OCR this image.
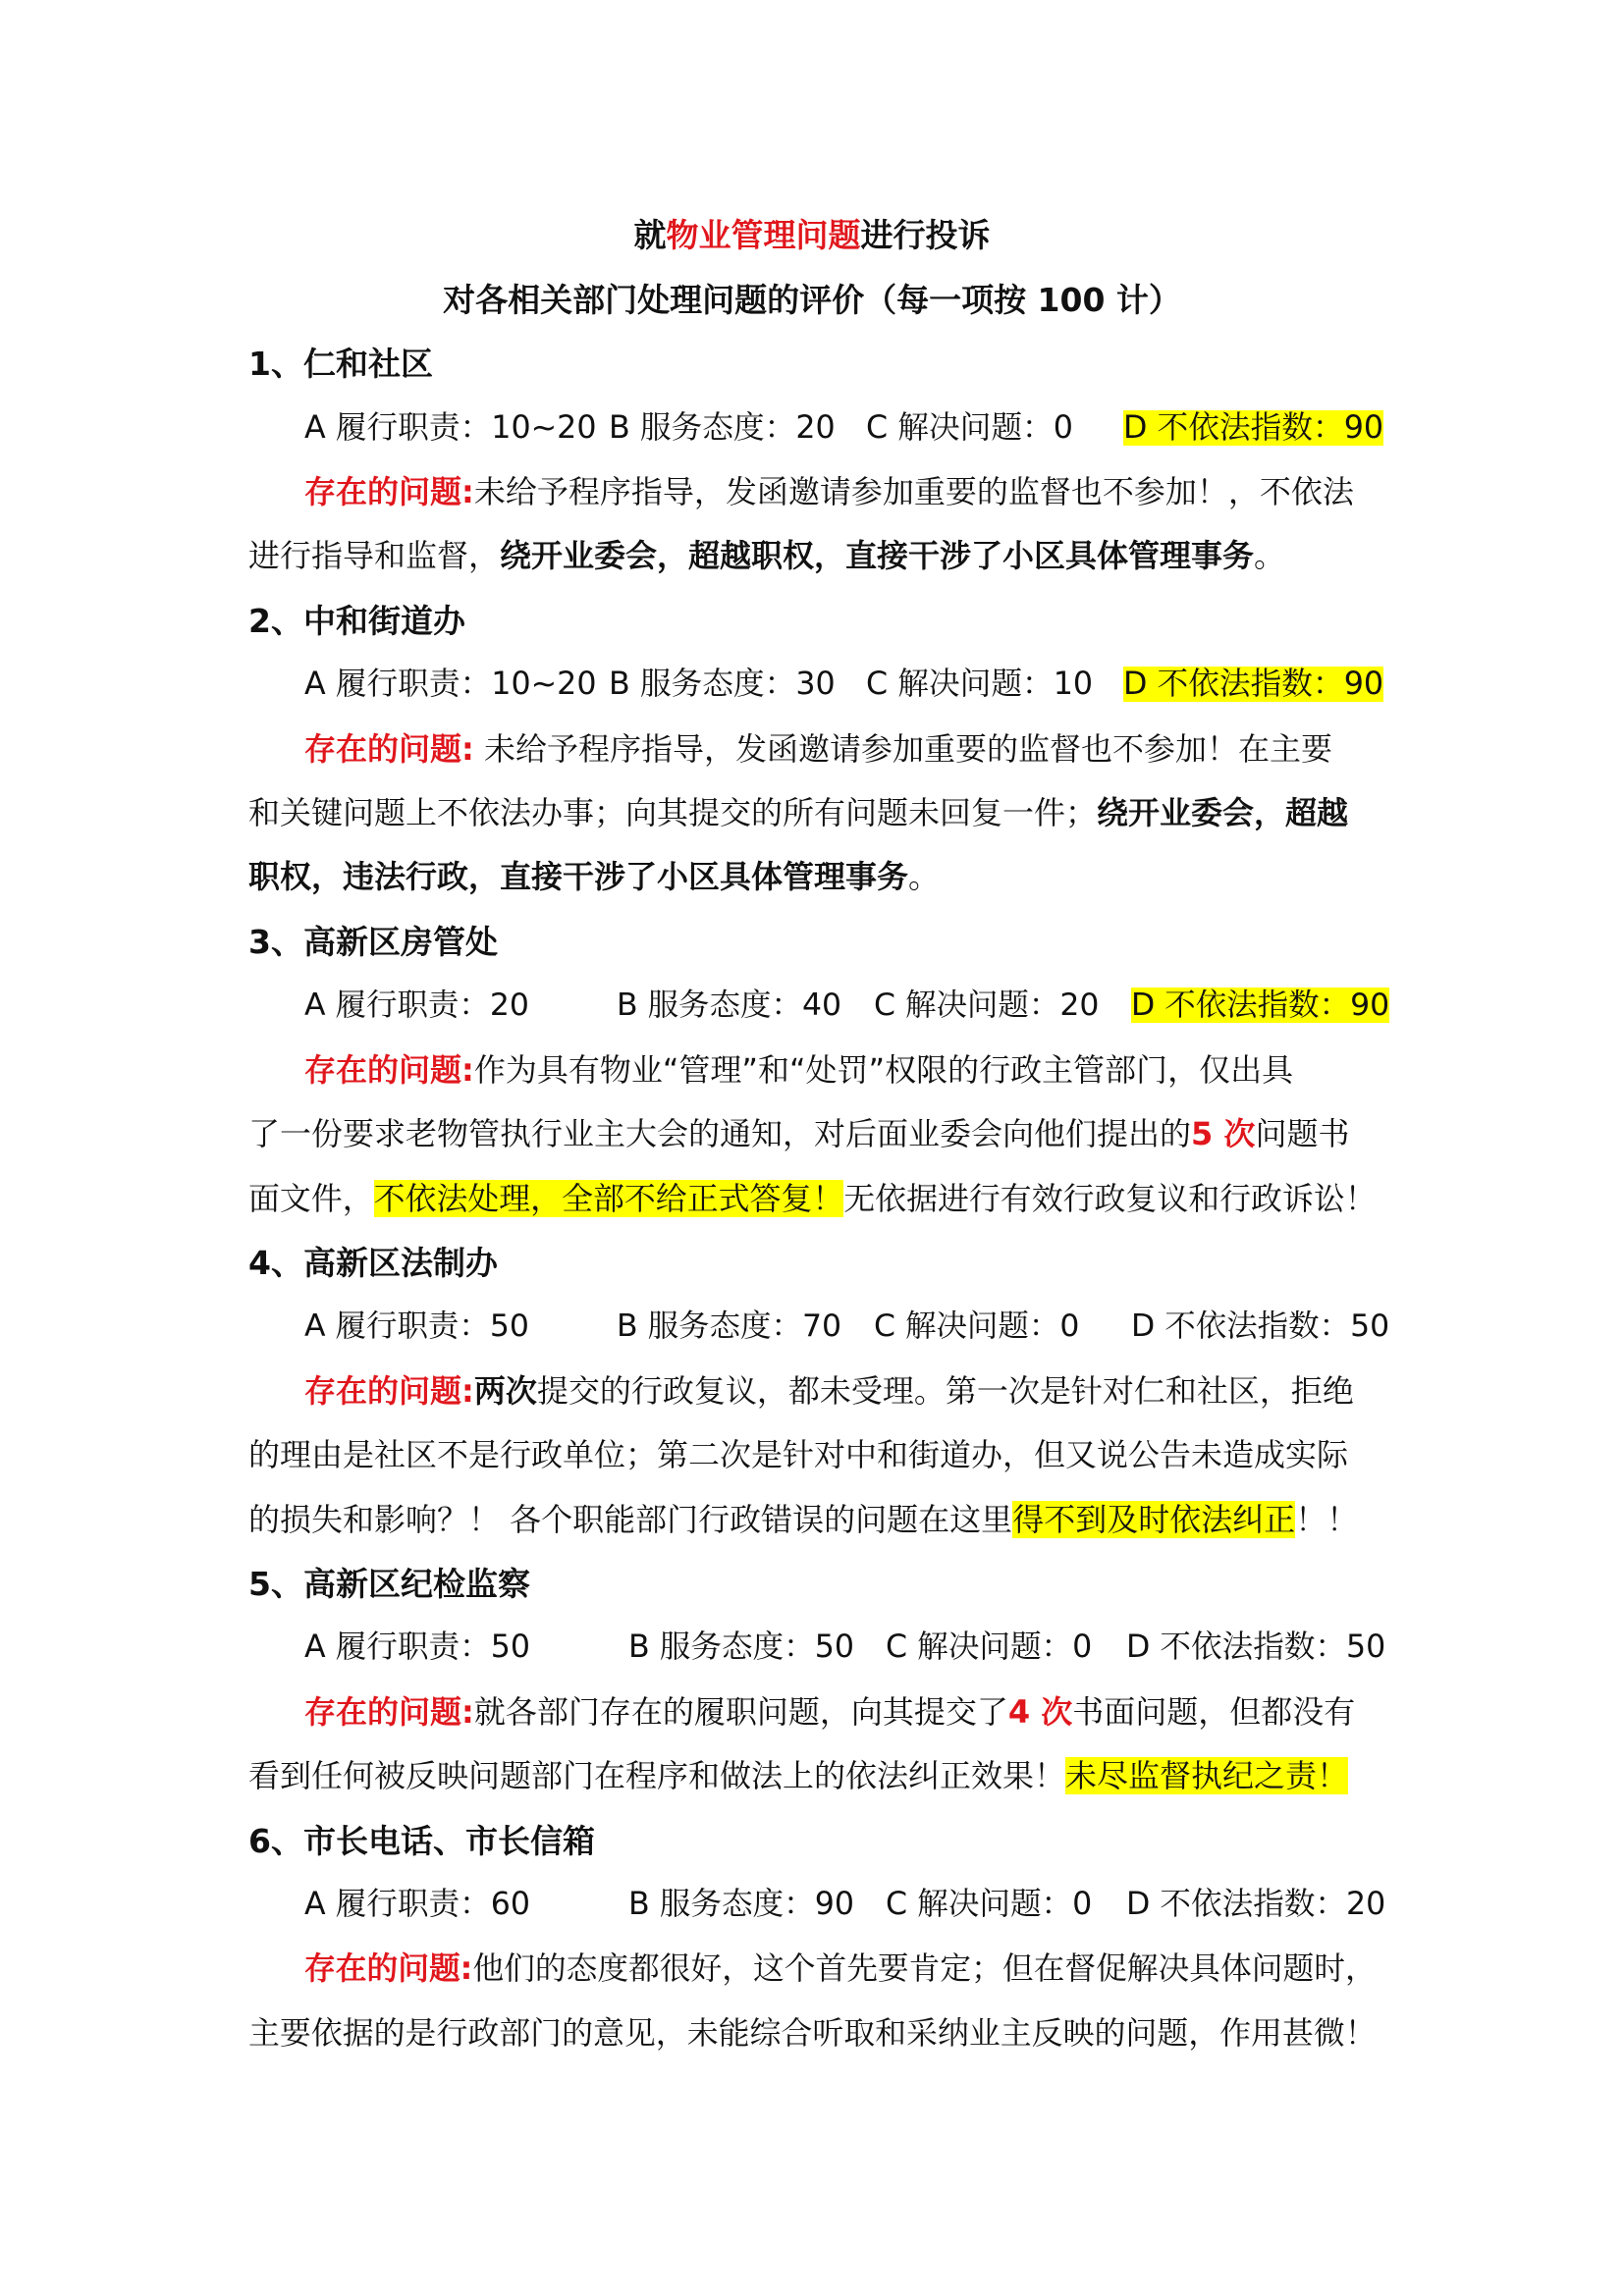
就物业管理问题进行投诉
对各相关部门处理问题的评价（每一项按 100 计）
1、仁和社区
A 履行职责：10~20 B 服务态度：20 C 解决问题：0 D 不依法指数：90
存在的问题:未给予程序指导，发函邀请参加重要的监督也不参加！，不依法
进行指导和监督，绕开业委会，超越职权，直接干涉了小区具体管理事务。
2、中和街道办
A 履行职责：10~20 B 服务态度：30 C 解决问题：10 D 不依法指数：90
存在的问题: 未给予程序指导，发函邀请参加重要的监督也不参加！在主要
和关键问题上不依法办事；向其提交的所有问题未回复一件；绕开业委会，超越
职权，违法行政，直接干涉了小区具体管理事务。
3、高新区房管处
A 履行职责：20	B 服务态度：40 C 解决问题：20 D 不依法指数：90
存在的问题:作为具有物业“管理”和“处罚”权限的行政主管部门，仅出具
了一份要求老物管执行业主大会的通知，对后面业委会向他们提出的5 次问题书
面文件，不依法处理，全部不给正式答复！无依据进行有效行政复议和行政诉讼！
4、高新区法制办
A 履行职责：50	B 服务态度：70 C 解决问题：0 D 不依法指数：50
存在的问题:两次提交的行政复议，都未受理。第一次是针对仁和社区，拒绝
的理由是社区不是行政单位；第二次是针对中和街道办，但又说公告未造成实际
的损失和影响？！ 各个职能部门行政错误的问题在这里得不到及时依法纠正！！
5、高新区纪检监察
A 履行职责：50	B 服务态度：50 C 解决问题：0 D 不依法指数：50
存在的问题:就各部门存在的履职问题，向其提交了4 次书面问题，但都没有
看到任何被反映问题部门在程序和做法上的依法纠正效果！未尽监督执纪之责！
6、市长电话、市长信箱
A 履行职责：60	B 服务态度：90 C 解决问题：0 D 不依法指数：20
存在的问题:他们的态度都很好，这个首先要肯定；但在督促解决具体问题时，
主要依据的是行政部门的意见，未能综合听取和采纳业主反映的问题，作用甚微！
